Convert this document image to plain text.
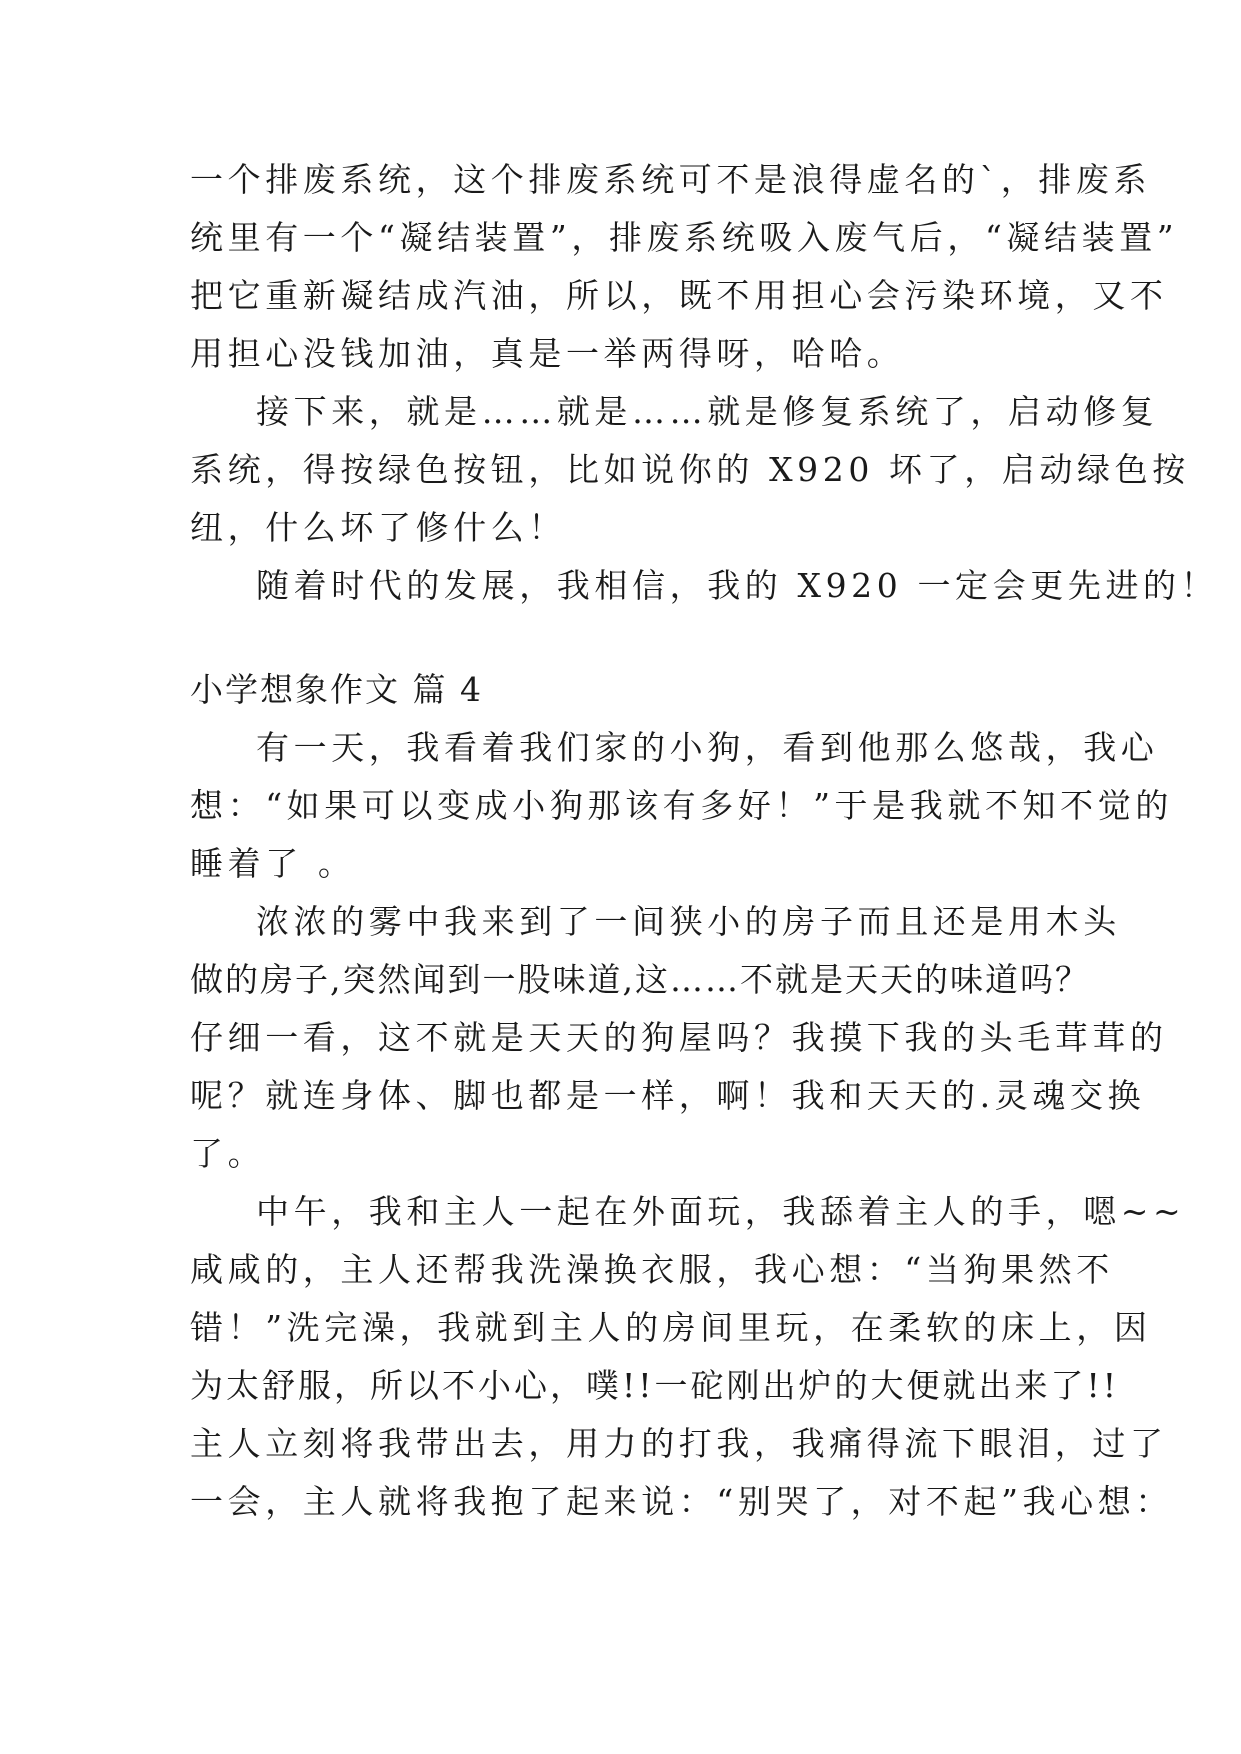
一个排废系统，这个排废系统可不是浪得虚名的`，排废系
统里有一个“凝结装置”，排废系统吸入废气后，“凝结装置”
把它重新凝结成汽油，所以，既不用担心会污染环境，又不
用担心没钱加油，真是一举两得呀，哈哈。
接下来，就是……就是……就是修复系统了，启动修复
系统，得按绿色按钮，比如说你的 X920 坏了，启动绿色按
纽，什么坏了修什么！
随着时代的发展，我相信，我的 X920 一定会更先进的！
小学想象作文 篇 4
有一天，我看着我们家的小狗，看到他那么悠哉，我心
想：“如果可以变成小狗那该有多好！”于是我就不知不觉的
睡着了 。
浓浓的雾中我来到了一间狭小的房子而且还是用木头
做的房子,突然闻到一股味道,这……不就是天天的味道吗？
仔细一看，这不就是天天的狗屋吗？我摸下我的头毛茸茸的
呢？就连身体、脚也都是一样，啊！我和天天的.灵魂交换
了。
中午，我和主人一起在外面玩，我舔着主人的手，嗯~~
咸咸的，主人还帮我洗澡换衣服，我心想：“当狗果然不
错！”洗完澡，我就到主人的房间里玩，在柔软的床上，因
为太舒服，所以不小心，噗!!一砣刚出炉的大便就出来了!!
主人立刻将我带出去，用力的打我，我痛得流下眼泪，过了
一会，主人就将我抱了起来说：“别哭了，对不起”我心想：
